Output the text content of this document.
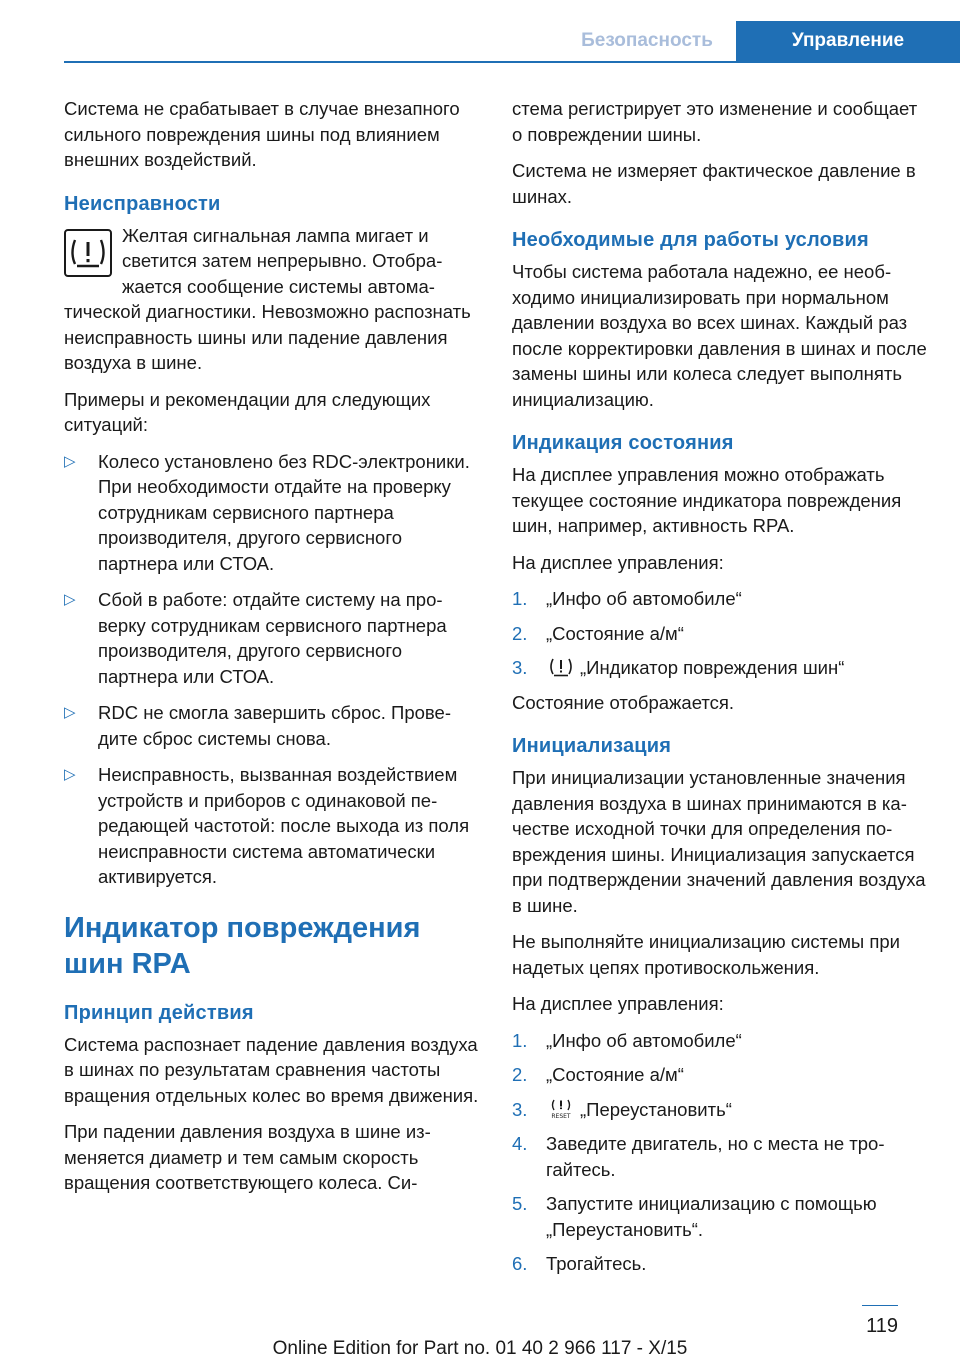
Безопасность	Управление

Система не срабатывает в случае внезапного сильного повреждения шины под влиянием внешних воздействий.

Неисправности

Желтая сигнальная лампа мигает и светится затем непрерывно. Отображается сообщение системы автоматической диагностики. Невозможно распознать неисправность шины или падение давления воздуха в шине.

Примеры и рекомендации для следующих ситуаций:

▷ Колесо установлено без RDC-электроники. При необходимости отдайте на проверку сотрудникам сервисного партнера производителя, другого сервисного партнера или СТОА.
▷ Сбой в работе: отдайте систему на проверку сотрудникам сервисного партнера производителя, другого сервисного партнера или СТОА.
▷ RDC не смогла завершить сброс. Проведите сброс системы снова.
▷ Неисправность, вызванная воздействием устройств и приборов с одинаковой передающей частотой: после выхода из поля неисправности система автоматически активируется.
Индикатор повреждения шин RPA
Принцип действия

Система распознает падение давления воздуха в шинах по результатам сравнения частоты вращения отдельных колес во время движения.

При падении давления воздуха в шине изменяется диаметр и тем самым скорость вращения соответствующего колеса. Си-

стема регистрирует это изменение и сообщает о повреждении шины.

Система не измеряет фактическое давление в шинах.

Необходимые для работы условия

Чтобы система работала надежно, ее необходимо инициализировать при нормальном давлении воздуха во всех шинах. Каждый раз после корректировки давления в шинах и после замены шины или колеса следует выполнять инициализацию.

Индикация состояния

На дисплее управления можно отображать текущее состояние индикатора повреждения шин, например, активность RPA.

На дисплее управления:

1. „Инфо об автомобиле“
2. „Состояние а/м“
3.	„Индикатор повреждения шин“

Состояние отображается.

Инициализация

При инициализации установленные значения давления воздуха в шинах принимаются в качестве исходной точки для определения повреждения шины. Инициализация запускается при подтверждении значений давления воздуха в шине.

Не выполняйте инициализацию системы при надетых цепях противоскольжения.

На дисплее управления:

1. „Инфо об автомобиле“
2. „Состояние а/м“
3.	RESET „Переустановить“
4. Заведите двигатель, но с места не трогайтесь.
5. Запустите инициализацию с помощью „Переустановить“.
6. Трогайтесь.
119
Online Edition for Part no. 01 40 2 966 117 - X/15
